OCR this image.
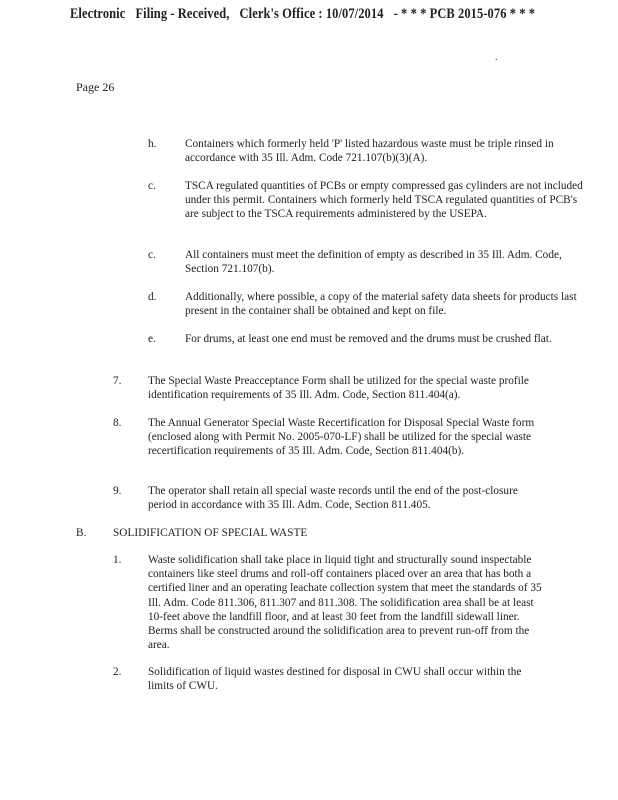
Electronic Filing - Received, Clerk's Office : 10/07/2014 - * * * PCB 2015-076 * * *
.
Page 26
h.	Containers which formerly held 'P' listed hazardous waste must be triple rinsed in accordance with 35 Ill. Adm. Code 721.107(b)(3)(A).
c.	TSCA regulated quantities of PCBs or empty compressed gas cylinders are not included under this permit. Containers which formerly held TSCA regulated quantities of PCB's are subject to the TSCA requirements administered by the USEPA.
c.	All containers must meet the definition of empty as described in 35 Ill. Adm. Code, Section 721.107(b).
d.	Additionally, where possible, a copy of the material safety data sheets for products last present in the container shall be obtained and kept on file.
e.	For drums, at least one end must be removed and the drums must be crushed flat.
7. The Special Waste Preacceptance Form shall be utilized for the special waste profile identification requirements of 35 Ill. Adm. Code, Section 811.404(a).
8. The Annual Generator Special Waste Recertification for Disposal Special Waste form (enclosed along with Permit No. 2005-070-LF) shall be utilized for the special waste recertification requirements of 35 Ill. Adm. Code, Section 811.404(b).
9. The operator shall retain all special waste records until the end of the post-closure period in accordance with 35 Ill. Adm. Code, Section 811.405.
B. SOLIDIFICATION OF SPECIAL WASTE
1. Waste solidification shall take place in liquid tight and structurally sound inspectable containers like steel drums and roll-off containers placed over an area that has both a certified liner and an operating leachate collection system that meet the standards of 35 Ill. Adm. Code 811.306, 811.307 and 811.308. The solidification area shall be at least 10-feet above the landfill floor, and at least 30 feet from the landfill sidewall liner. Berms shall be constructed around the solidification area to prevent run-off from the area.
2. Solidification of liquid wastes destined for disposal in CWU shall occur within the limits of CWU.
